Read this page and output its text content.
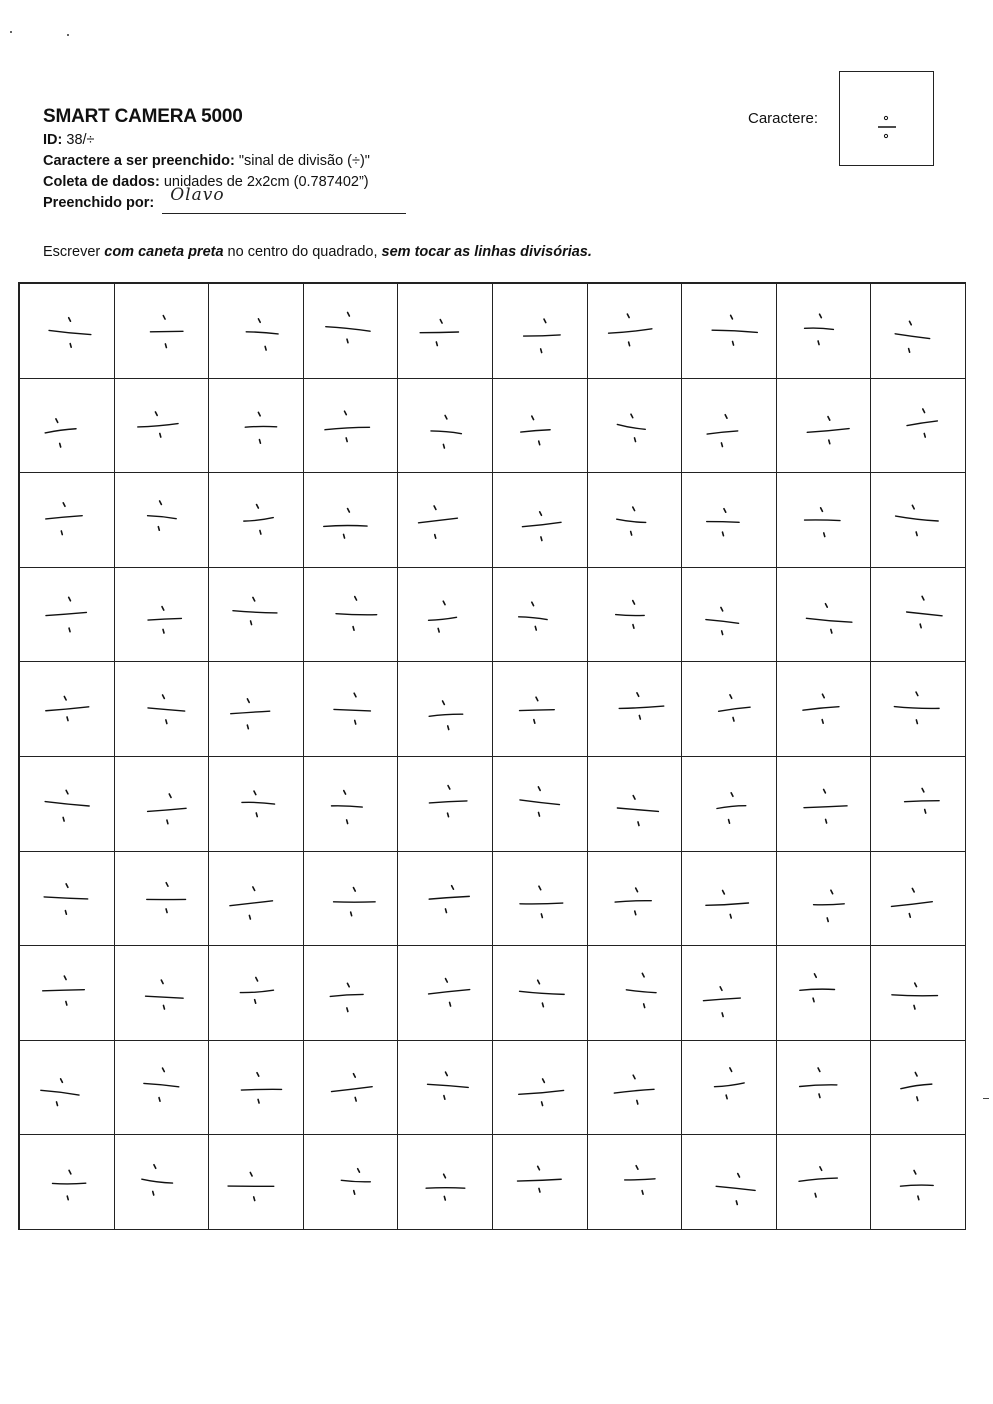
SMART CAMERA 5000
ID: 38/÷
Caractere a ser preenchido: "sinal de divisão (÷)"
Coleta de dados: unidades de 2x2cm (0.787402”)
Preenchido por: Olavo
Caractere:
Escrever com caneta preta no centro do quadrado, sem tocar as linhas divisórias.
